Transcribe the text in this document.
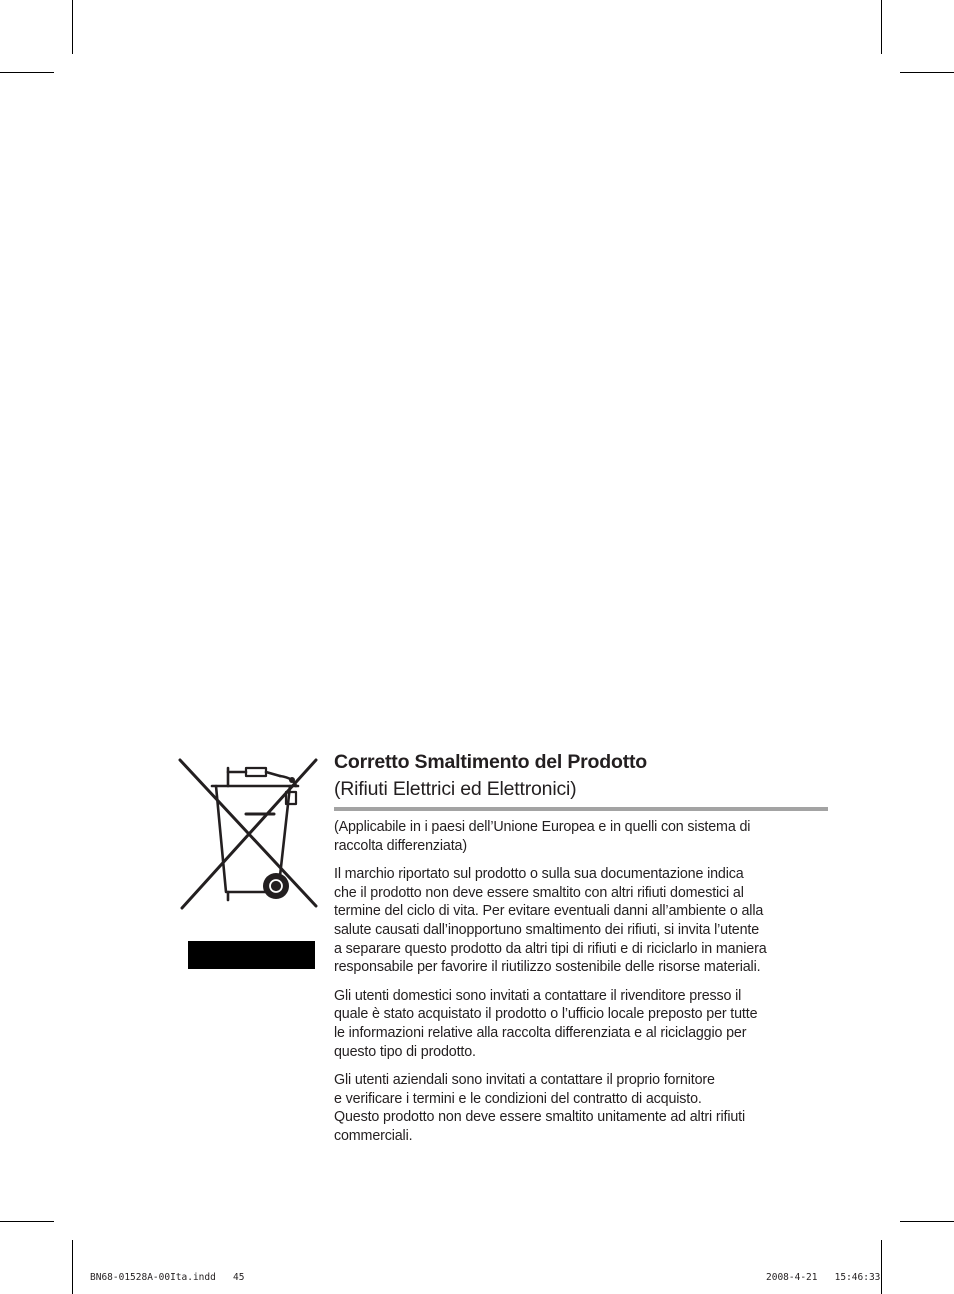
Corretto Smaltimento del Prodotto
(Rifiuti Elettrici ed Elettronici)

(Applicabile in i paesi dell’Unione Europea e in quelli con sistema di
raccolta differenziata)

Il marchio riportato sul prodotto o sulla sua documentazione indica
che il prodotto non deve essere smaltito con altri rifiuti domestici al
termine del ciclo di vita. Per evitare eventuali danni all’ambiente o alla
salute causati dall’inopportuno smaltimento dei rifiuti, si invita l’utente
a separare questo prodotto da altri tipi di rifiuti e di riciclarlo in maniera
responsabile per favorire il riutilizzo sostenibile delle risorse materiali.

Gli utenti domestici sono invitati a contattare il rivenditore presso il
quale è stato acquistato il prodotto o l’ufficio locale preposto per tutte
le informazioni relative alla raccolta differenziata e al riciclaggio per
questo tipo di prodotto.

Gli utenti aziendali sono invitati a contattare il proprio fornitore
e verificare i termini e le condizioni del contratto di acquisto.
Questo prodotto non deve essere smaltito unitamente ad altri rifiuti
commerciali.

BN68-01528A-00Ita.indd   45	2008-4-21   15:46:33
